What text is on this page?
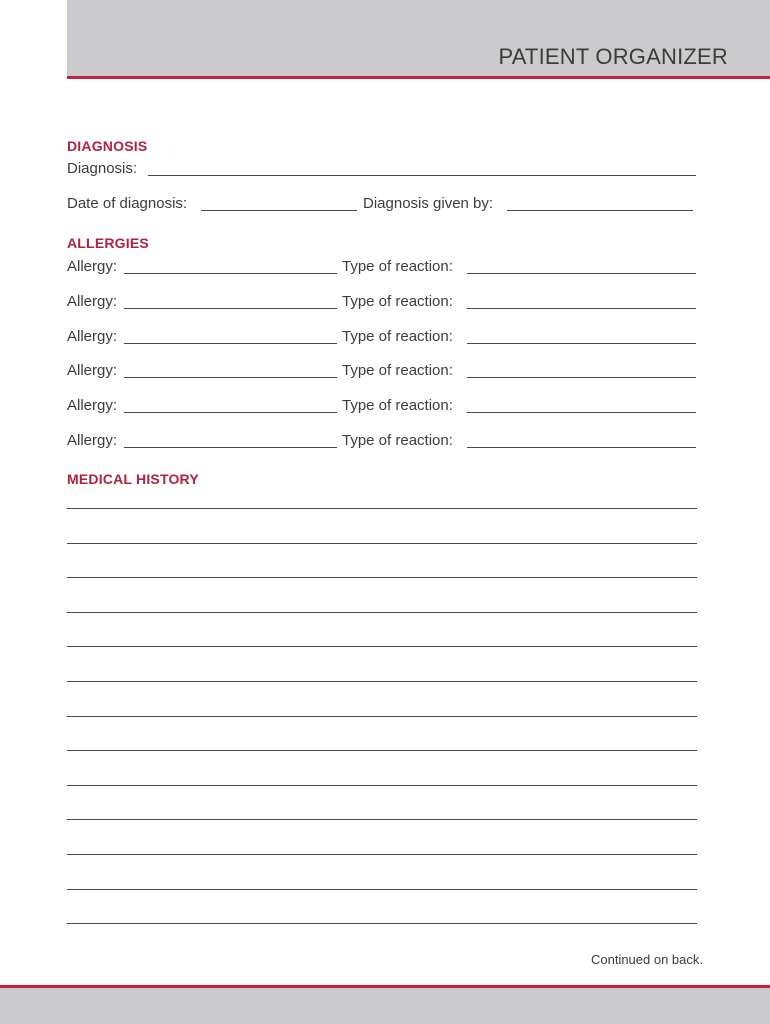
PATIENT ORGANIZER
DIAGNOSIS
Diagnosis:
Date of diagnosis:	Diagnosis given by:
ALLERGIES
Allergy:	Type of reaction:
Allergy:	Type of reaction:
Allergy:	Type of reaction:
Allergy:	Type of reaction:
Allergy:	Type of reaction:
Allergy:	Type of reaction:
MEDICAL HISTORY
Continued on back.
